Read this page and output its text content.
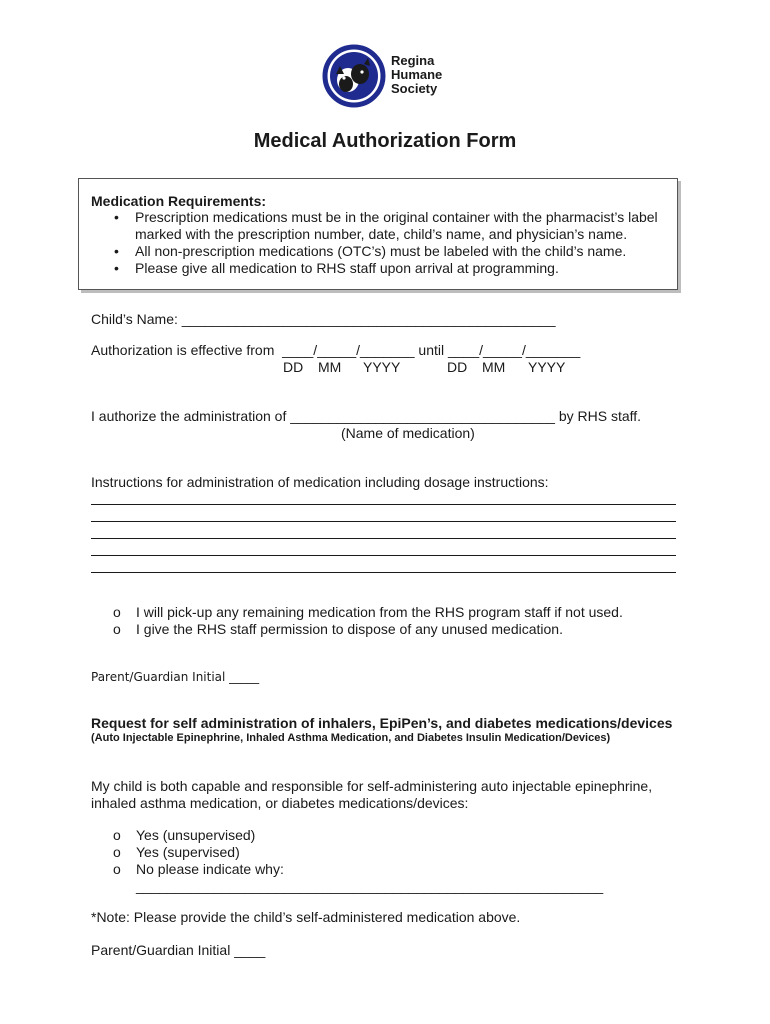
Regina
Humane
Society
Medical Authorization Form
Medication Requirements:
• Prescription medications must be in the original container with the pharmacist’s label
marked with the prescription number, date, child’s name, and physician’s name.
• All non-prescription medications (OTC’s) must be labeled with the child’s name.
• Please give all medication to RHS staff upon arrival at programming.
Child’s Name: ________________________________________________
Authorization is effective from  ____/_____/_______ until ____/_____/_______
DD MM YYYY	DD MM YYYY
I authorize the administration of __________________________________ by RHS staff.
(Name of medication)
Instructions for administration of medication including dosage instructions:
o I will pick-up any remaining medication from the RHS program staff if not used.
o I give the RHS staff permission to dispose of any unused medication.
Parent/Guardian Initial _____
Request for self administration of inhalers, EpiPen’s, and diabetes medications/devices
(Auto Injectable Epinephrine, Inhaled Asthma Medication, and Diabetes Insulin Medication/Devices)
My child is both capable and responsible for self-administering auto injectable epinephrine,
inhaled asthma medication, or diabetes medications/devices:
o Yes (unsupervised)
o Yes (supervised)
o No please indicate why:
____________________________________________________________
*Note: Please provide the child’s self-administered medication above.
Parent/Guardian Initial ____
